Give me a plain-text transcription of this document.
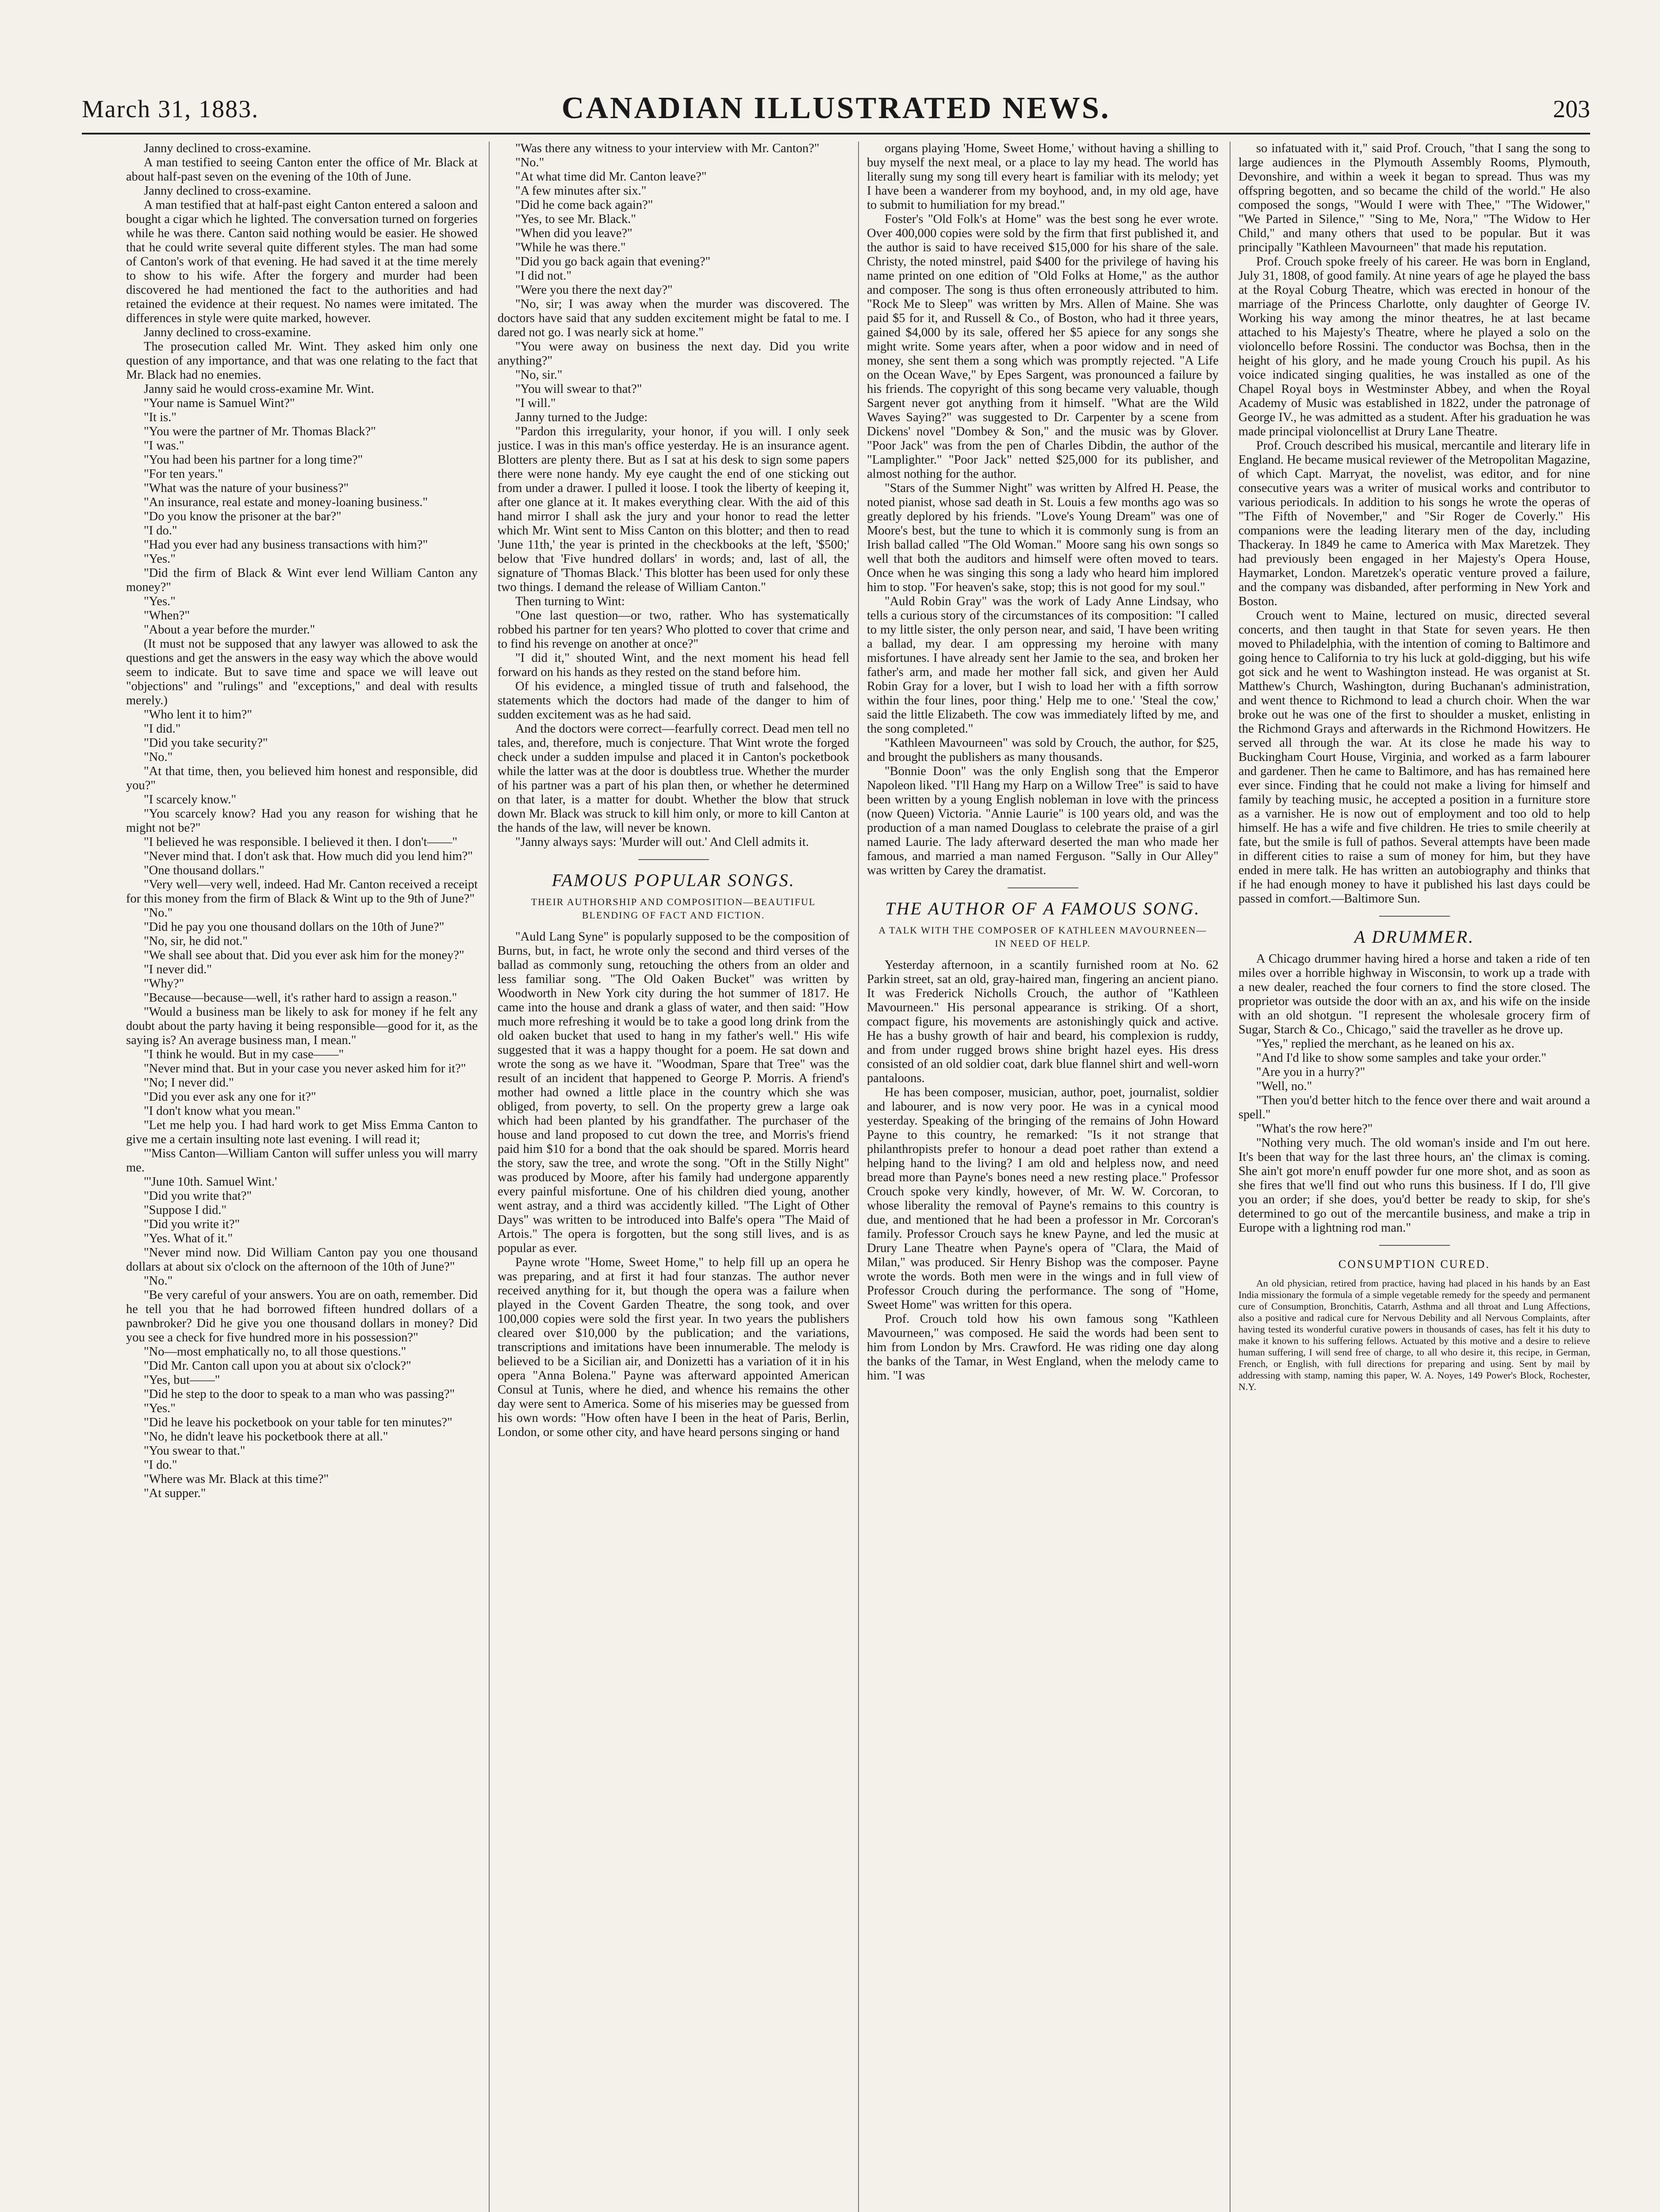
March 31, 1883.	CANADIAN ILLUSTRATED NEWS.	203

Janny declined to cross-examine.

A man testified to seeing Canton enter the office of Mr. Black at about half-past seven on the evening of the 10th of June.

Janny declined to cross-examine.

A man testified that at half-past eight Canton entered a saloon and bought a cigar which he lighted. The conversation turned on forgeries while he was there. Canton said nothing would be easier. He showed that he could write several quite different styles. The man had some of Canton's work of that evening. He had saved it at the time merely to show to his wife. After the forgery and murder had been discovered he had mentioned the fact to the authorities and had retained the evidence at their request. No names were imitated. The differences in style were quite marked, however.

Janny declined to cross-examine.

The prosecution called Mr. Wint. They asked him only one question of any importance, and that was one relating to the fact that Mr. Black had no enemies.

Janny said he would cross-examine Mr. Wint.

"Your name is Samuel Wint?"

"It is."

"You were the partner of Mr. Thomas Black?"

"I was."

"You had been his partner for a long time?"

"For ten years."

"What was the nature of your business?"

"An insurance, real estate and money-loaning business."

"Do you know the prisoner at the bar?"

"I do."

"Had you ever had any business transactions with him?"

"Yes."

"Did the firm of Black & Wint ever lend William Canton any money?"

"Yes."

"When?"

"About a year before the murder."

(It must not be supposed that any lawyer was allowed to ask the questions and get the answers in the easy way which the above would seem to indicate. But to save time and space we will leave out "objections" and "rulings" and "exceptions," and deal with results merely.)

"Who lent it to him?"

"I did."

"Did you take security?"

"No."

"At that time, then, you believed him honest and responsible, did you?"

"I scarcely know."

"You scarcely know? Had you any reason for wishing that he might not be?"

"I believed he was responsible. I believed it then. I don't——"

"Never mind that. I don't ask that. How much did you lend him?"

"One thousand dollars."

"Very well—very well, indeed. Had Mr. Canton received a receipt for this money from the firm of Black & Wint up to the 9th of June?"

"No."

"Did he pay you one thousand dollars on the 10th of June?"

"No, sir, he did not."

"We shall see about that. Did you ever ask him for the money?"

"I never did."

"Why?"

"Because—because—well, it's rather hard to assign a reason."

"Would a business man be likely to ask for money if he felt any doubt about the party having it being responsible—good for it, as the saying is? An average business man, I mean."

"I think he would. But in my case——"

"Never mind that. But in your case you never asked him for it?"

"No; I never did."

"Did you ever ask any one for it?"

"I don't know what you mean."

"Let me help you. I had hard work to get Miss Emma Canton to give me a certain insulting note last evening. I will read it;

"'Miss Canton—William Canton will suffer unless you will marry me.

"'June 10th. Samuel Wint.'

"Did you write that?"

"Suppose I did."

"Did you write it?"

"Yes. What of it."

"Never mind now. Did William Canton pay you one thousand dollars at about six o'clock on the afternoon of the 10th of June?"

"No."

"Be very careful of your answers. You are on oath, remember. Did he tell you that he had borrowed fifteen hundred dollars of a pawnbroker? Did he give you one thousand dollars in money? Did you see a check for five hundred more in his possession?"

"No—most emphatically no, to all those questions."

"Did Mr. Canton call upon you at about six o'clock?"

"Yes, but——"

"Did he step to the door to speak to a man who was passing?"

"Yes."

"Did he leave his pocketbook on your table for ten minutes?"

"No, he didn't leave his pocketbook there at all."

"You swear to that."

"I do."

"Where was Mr. Black at this time?"

"At supper."

"Was there any witness to your interview with Mr. Canton?"

"No."

"At what time did Mr. Canton leave?"

"A few minutes after six."

"Did he come back again?"

"Yes, to see Mr. Black."

"When did you leave?"

"While he was there."

"Did you go back again that evening?"

"I did not."

"Were you there the next day?"

"No, sir; I was away when the murder was discovered. The doctors have said that any sudden excitement might be fatal to me. I dared not go. I was nearly sick at home."

"You were away on business the next day. Did you write anything?"

"No, sir."

"You will swear to that?"

"I will."

Janny turned to the Judge:

"Pardon this irregularity, your honor, if you will. I only seek justice. I was in this man's office yesterday. He is an insurance agent. Blotters are plenty there. But as I sat at his desk to sign some papers there were none handy. My eye caught the end of one sticking out from under a drawer. I pulled it loose. I took the liberty of keeping it, after one glance at it. It makes everything clear. With the aid of this hand mirror I shall ask the jury and your honor to read the letter which Mr. Wint sent to Miss Canton on this blotter; and then to read 'June 11th,' the year is printed in the checkbooks at the left, '$500;' below that 'Five hundred dollars' in words; and, last of all, the signature of 'Thomas Black.' This blotter has been used for only these two things. I demand the release of William Canton."

Then turning to Wint:

"One last question—or two, rather. Who has systematically robbed his partner for ten years? Who plotted to cover that crime and to find his revenge on another at once?"

"I did it," shouted Wint, and the next moment his head fell forward on his hands as they rested on the stand before him.

Of his evidence, a mingled tissue of truth and falsehood, the statements which the doctors had made of the danger to him of sudden excitement was as he had said.

And the doctors were correct—fearfully correct. Dead men tell no tales, and, therefore, much is conjecture. That Wint wrote the forged check under a sudden impulse and placed it in Canton's pocketbook while the latter was at the door is doubtless true. Whether the murder of his partner was a part of his plan then, or whether he determined on that later, is a matter for doubt. Whether the blow that struck down Mr. Black was struck to kill him only, or more to kill Canton at the hands of the law, will never be known.

"Janny always says: 'Murder will out.' And Clell admits it.

FAMOUS POPULAR SONGS.
THEIR AUTHORSHIP AND COMPOSITION—BEAUTIFUL BLENDING OF FACT AND FICTION.

"Auld Lang Syne" is popularly supposed to be the composition of Burns, but, in fact, he wrote only the second and third verses of the ballad as commonly sung, retouching the others from an older and less familiar song. "The Old Oaken Bucket" was written by Woodworth in New York city during the hot summer of 1817. He came into the house and drank a glass of water, and then said: "How much more refreshing it would be to take a good long drink from the old oaken bucket that used to hang in my father's well." His wife suggested that it was a happy thought for a poem. He sat down and wrote the song as we have it. "Woodman, Spare that Tree" was the result of an incident that happened to George P. Morris. A friend's mother had owned a little place in the country which she was obliged, from poverty, to sell. On the property grew a large oak which had been planted by his grandfather. The purchaser of the house and land proposed to cut down the tree, and Morris's friend paid him $10 for a bond that the oak should be spared. Morris heard the story, saw the tree, and wrote the song. "Oft in the Stilly Night" was produced by Moore, after his family had undergone apparently every painful misfortune. One of his children died young, another went astray, and a third was accidently killed. "The Light of Other Days" was written to be introduced into Balfe's opera "The Maid of Artois." The opera is forgotten, but the song still lives, and is as popular as ever.

Payne wrote "Home, Sweet Home," to help fill up an opera he was preparing, and at first it had four stanzas. The author never received anything for it, but though the opera was a failure when played in the Covent Garden Theatre, the song took, and over 100,000 copies were sold the first year. In two years the publishers cleared over $10,000 by the publication; and the variations, transcriptions and imitations have been innumerable. The melody is believed to be a Sicilian air, and Donizetti has a variation of it in his opera "Anna Bolena." Payne was afterward appointed American Consul at Tunis, where he died, and whence his remains the other day were sent to America. Some of his miseries may be guessed from his own words: "How often have I been in the heat of Paris, Berlin, London, or some other city, and have heard persons singing or hand

organs playing 'Home, Sweet Home,' without having a shilling to buy myself the next meal, or a place to lay my head. The world has literally sung my song till every heart is familiar with its melody; yet I have been a wanderer from my boyhood, and, in my old age, have to submit to humiliation for my bread."

Foster's "Old Folk's at Home" was the best song he ever wrote. Over 400,000 copies were sold by the firm that first published it, and the author is said to have received $15,000 for his share of the sale. Christy, the noted minstrel, paid $400 for the privilege of having his name printed on one edition of "Old Folks at Home," as the author and composer. The song is thus often erroneously attributed to him. "Rock Me to Sleep" was written by Mrs. Allen of Maine. She was paid $5 for it, and Russell & Co., of Boston, who had it three years, gained $4,000 by its sale, offered her $5 apiece for any songs she might write. Some years after, when a poor widow and in need of money, she sent them a song which was promptly rejected. "A Life on the Ocean Wave," by Epes Sargent, was pronounced a failure by his friends. The copyright of this song became very valuable, though Sargent never got anything from it himself. "What are the Wild Waves Saying?" was suggested to Dr. Carpenter by a scene from Dickens' novel "Dombey & Son," and the music was by Glover. "Poor Jack" was from the pen of Charles Dibdin, the author of the "Lamplighter." "Poor Jack" netted $25,000 for its publisher, and almost nothing for the author.

"Stars of the Summer Night" was written by Alfred H. Pease, the noted pianist, whose sad death in St. Louis a few months ago was so greatly deplored by his friends. "Love's Young Dream" was one of Moore's best, but the tune to which it is commonly sung is from an Irish ballad called "The Old Woman." Moore sang his own songs so well that both the auditors and himself were often moved to tears. Once when he was singing this song a lady who heard him implored him to stop. "For heaven's sake, stop; this is not good for my soul."

"Auld Robin Gray" was the work of Lady Anne Lindsay, who tells a curious story of the circumstances of its composition: "I called to my little sister, the only person near, and said, 'I have been writing a ballad, my dear. I am oppressing my heroine with many misfortunes. I have already sent her Jamie to the sea, and broken her father's arm, and made her mother fall sick, and given her Auld Robin Gray for a lover, but I wish to load her with a fifth sorrow within the four lines, poor thing.' Help me to one.' 'Steal the cow,' said the little Elizabeth. The cow was immediately lifted by me, and the song completed."

"Kathleen Mavourneen" was sold by Crouch, the author, for $25, and brought the publishers as many thousands.

"Bonnie Doon" was the only English song that the Emperor Napoleon liked. "I'll Hang my Harp on a Willow Tree" is said to have been written by a young English nobleman in love with the princess (now Queen) Victoria. "Annie Laurie" is 100 years old, and was the production of a man named Douglass to celebrate the praise of a girl named Laurie. The lady afterward deserted the man who made her famous, and married a man named Ferguson. "Sally in Our Alley" was written by Carey the dramatist.

THE AUTHOR OF A FAMOUS SONG.
A TALK WITH THE COMPOSER OF KATHLEEN MAVOURNEEN—IN NEED OF HELP.

Yesterday afternoon, in a scantily furnished room at No. 62 Parkin street, sat an old, gray-haired man, fingering an ancient piano. It was Frederick Nicholls Crouch, the author of "Kathleen Mavourneen." His personal appearance is striking. Of a short, compact figure, his movements are astonishingly quick and active. He has a bushy growth of hair and beard, his complexion is ruddy, and from under rugged brows shine bright hazel eyes. His dress consisted of an old soldier coat, dark blue flannel shirt and well-worn pantaloons.

He has been composer, musician, author, poet, journalist, soldier and labourer, and is now very poor. He was in a cynical mood yesterday. Speaking of the bringing of the remains of John Howard Payne to this country, he remarked: "Is it not strange that philanthropists prefer to honour a dead poet rather than extend a helping hand to the living? I am old and helpless now, and need bread more than Payne's bones need a new resting place." Professor Crouch spoke very kindly, however, of Mr. W. W. Corcoran, to whose liberality the removal of Payne's remains to this country is due, and mentioned that he had been a professor in Mr. Corcoran's family. Professor Crouch says he knew Payne, and led the music at Drury Lane Theatre when Payne's opera of "Clara, the Maid of Milan," was produced. Sir Henry Bishop was the composer. Payne wrote the words. Both men were in the wings and in full view of Professor Crouch during the performance. The song of "Home, Sweet Home" was written for this opera.

Prof. Crouch told how his own famous song "Kathleen Mavourneen," was composed. He said the words had been sent to him from London by Mrs. Crawford. He was riding one day along the banks of the Tamar, in West England, when the melody came to him. "I was

so infatuated with it," said Prof. Crouch, "that I sang the song to large audiences in the Plymouth Assembly Rooms, Plymouth, Devonshire, and within a week it began to spread. Thus was my offspring begotten, and so became the child of the world." He also composed the songs, "Would I were with Thee," "The Widower," "We Parted in Silence," "Sing to Me, Nora," "The Widow to Her Child," and many others that used to be popular. But it was principally "Kathleen Mavourneen" that made his reputation.

Prof. Crouch spoke freely of his career. He was born in England, July 31, 1808, of good family. At nine years of age he played the bass at the Royal Coburg Theatre, which was erected in honour of the marriage of the Princess Charlotte, only daughter of George IV. Working his way among the minor theatres, he at last became attached to his Majesty's Theatre, where he played a solo on the violoncello before Rossini. The conductor was Bochsa, then in the height of his glory, and he made young Crouch his pupil. As his voice indicated singing qualities, he was installed as one of the Chapel Royal boys in Westminster Abbey, and when the Royal Academy of Music was established in 1822, under the patronage of George IV., he was admitted as a student. After his graduation he was made principal violoncellist at Drury Lane Theatre.

Prof. Crouch described his musical, mercantile and literary life in England. He became musical reviewer of the Metropolitan Magazine, of which Capt. Marryat, the novelist, was editor, and for nine consecutive years was a writer of musical works and contributor to various periodicals. In addition to his songs he wrote the operas of "The Fifth of November," and "Sir Roger de Coverly." His companions were the leading literary men of the day, including Thackeray. In 1849 he came to America with Max Maretzek. They had previously been engaged in her Majesty's Opera House, Haymarket, London. Maretzek's operatic venture proved a failure, and the company was disbanded, after performing in New York and Boston.

Crouch went to Maine, lectured on music, directed several concerts, and then taught in that State for seven years. He then moved to Philadelphia, with the intention of coming to Baltimore and going hence to California to try his luck at gold-digging, but his wife got sick and he went to Washington instead. He was organist at St. Matthew's Church, Washington, during Buchanan's administration, and went thence to Richmond to lead a church choir. When the war broke out he was one of the first to shoulder a musket, enlisting in the Richmond Grays and afterwards in the Richmond Howitzers. He served all through the war. At its close he made his way to Buckingham Court House, Virginia, and worked as a farm labourer and gardener. Then he came to Baltimore, and has has remained here ever since. Finding that he could not make a living for himself and family by teaching music, he accepted a position in a furniture store as a varnisher. He is now out of employment and too old to help himself. He has a wife and five children. He tries to smile cheerily at fate, but the smile is full of pathos. Several attempts have been made in different cities to raise a sum of money for him, but they have ended in mere talk. He has written an autobiography and thinks that if he had enough money to have it published his last days could be passed in comfort.—Baltimore Sun.

A DRUMMER.

A Chicago drummer having hired a horse and taken a ride of ten miles over a horrible highway in Wisconsin, to work up a trade with a new dealer, reached the four corners to find the store closed. The proprietor was outside the door with an ax, and his wife on the inside with an old shotgun. "I represent the wholesale grocery firm of Sugar, Starch & Co., Chicago," said the traveller as he drove up.

"Yes," replied the merchant, as he leaned on his ax.

"And I'd like to show some samples and take your order."

"Are you in a hurry?"

"Well, no."

"Then you'd better hitch to the fence over there and wait around a spell."

"What's the row here?"

"Nothing very much. The old woman's inside and I'm out here. It's been that way for the last three hours, an' the climax is coming. She ain't got more'n enuff powder fur one more shot, and as soon as she fires that we'll find out who runs this business. If I do, I'll give you an order; if she does, you'd better be ready to skip, for she's determined to go out of the mercantile business, and make a trip in Europe with a lightning rod man."

CONSUMPTION CURED.

An old physician, retired from practice, having had placed in his hands by an East India missionary the formula of a simple vegetable remedy for the speedy and permanent cure of Consumption, Bronchitis, Catarrh, Asthma and all throat and Lung Affections, also a positive and radical cure for Nervous Debility and all Nervous Complaints, after having tested its wonderful curative powers in thousands of cases, has felt it his duty to make it known to his suffering fellows. Actuated by this motive and a desire to relieve human suffering, I will send free of charge, to all who desire it, this recipe, in German, French, or English, with full directions for preparing and using. Sent by mail by addressing with stamp, naming this paper, W. A. Noyes, 149 Power's Block, Rochester, N.Y.
